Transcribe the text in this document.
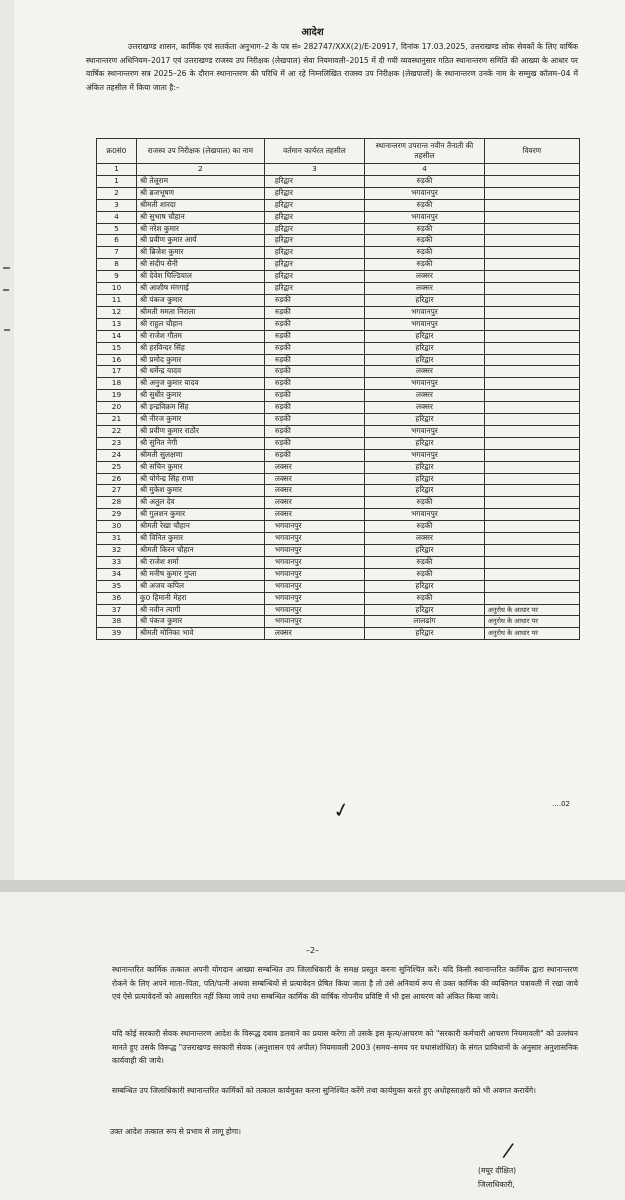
आदेश

उत्तराखण्ड शासन, कार्मिक एवं सतर्कता अनुभाग–2 के पत्र सं० 282747/XXX(2)/E-20917, दिनांक 17.03.2025, उत्तराखण्ड लोक सेवकों के लिए वार्षिक स्थानान्तरण अधिनियम–2017 एवं उत्तराखण्ड राजस्व उप निरीक्षक (लेखपाल) सेवा नियमावली–2015 में दी गयी व्यवस्थानुसार गठित स्थानान्तरण समिति की आख्या के आधार पर वार्षिक स्थानान्तरण सत्र 2025–26 के दौरान स्थानान्तरण की परिधि में आ रहे निम्नलिखित राजस्व उप निरीक्षक (लेखपालों) के स्थानान्तरण उनके नाम के सम्मुख कॉलम–04 में अंकित तहसील में किया जाता है:–

क्र0सं0	राजस्व उप निरीक्षक (लेखपाल) का नाम	वर्तमान कार्यरत तहसील	स्थानान्तरण उपरान्त नवीन तैनाती की तहसील	विवरण
1	2	3	4	
1	श्री तेलूराम	हरिद्वार	रुड़की	
2	श्री ब्रजभूषण	हरिद्वार	भगवानपुर	
3	श्रीमती शारदा	हरिद्वार	रुड़की	
4	श्री सुभाष चौहान	हरिद्वार	भगवानपुर	
5	श्री नरेश कुमार	हरिद्वार	रुड़की	
6	श्री प्रवीण कुमार आर्य	हरिद्वार	रुड़की	
7	श्री ब्रिजेश कुमार	हरिद्वार	रुड़की	
8	श्री संदीप सैनी	हरिद्वार	रुड़की	
9	श्री देवेश घिल्डियाल	हरिद्वार	लक्सर	
10	श्री आशीष मंगगाई	हरिद्वार	लक्सर	
11	श्री पंकज कुमार	रुड़की	हरिद्वार	
12	श्रीमती ममता निराला	रुड़की	भगवानपुर	
13	श्री राहुल चौहान	रुड़की	भगवानपुर	
14	श्री राजेश गौतम	रुड़की	हरिद्वार	
15	श्री हरविन्दर सिंह	रुड़की	हरिद्वार	
16	श्री प्रमोद कुमार	रुड़की	हरिद्वार	
17	श्री धर्मेन्द्र यादव	रुड़की	लक्सर	
18	श्री अनुज कुमार यादव	रुड़की	भगवानपुर	
19	श्री सुधीर कुमार	रुड़की	लक्सर	
20	श्री इन्द्रविक्रम सिंह	रुड़की	लक्सर	
21	श्री नीरज कुमार	रुड़की	हरिद्वार	
22	श्री प्रवीण कुमार राठौर	रुड़की	भगवानपुर	
23	श्री सुनित नेगी	रुड़की	हरिद्वार	
24	श्रीमती सुलक्षणा	रुड़की	भगवानपुर	
25	श्री सचिन कुमार	लक्सर	हरिद्वार	
26	श्री योगेन्द्र सिंह राणा	लक्सर	हरिद्वार	
27	श्री मुकेश कुमार	लक्सर	हरिद्वार	
28	श्री अतुल देव	लक्सर	रुड़की	
29	श्री गुलशन कुमार	लक्सर	भगवानपुर	
30	श्रीमती रेखा चौहान	भगवानपुर	रुड़की	
31	श्री विनित कुमार	भगवानपुर	लक्सर	
32	श्रीमती किरन चौहान	भगवानपुर	हरिद्वार	
33	श्री राजेश शर्मा	भगवानपुर	रुड़की	
34	श्री मनीष कुमार गुप्ता	भगवानपुर	रुड़की	
35	श्री अजय कपिल	भगवानपुर	हरिद्वार	
36	कु0 हिमानी मेहरा	भगवानपुर	रुड़की	
37	श्री नवीन त्यागी	भगवानपुर	हरिद्वार	अनुरोध के आधार पर
38	श्री पंकज कुमार	भगवानपुर	लालढांग	अनुरोध के आधार पर
39	श्रीमती मोनिका भावे	लक्सर	हरिद्वार	अनुरोध के आधार पर
✓	....02
–2–

स्थानान्तरित कार्मिक तत्काल अपनी योगदान आख्या सम्बन्धित उप जिलाधिकारी के समक्ष प्रस्तुत करना सुनिश्चित करें। यदि किसी स्थानान्तरित कार्मिक द्वारा स्थानान्तरण रोकने के लिए अपने माता–पिता, पति/पत्नी अथवा सम्बन्धियों से प्रत्यावेदन प्रेषित किया जाता है तो उसे अनिवार्य रूप से उक्त कार्मिक की व्यक्तिगत पत्रावली में रखा जाये एवं ऐसे प्रत्यावेदनों को अग्रसारित नहीं किया जाये तथा सम्बन्धित कार्मिक की वार्षिक गोपनीय प्रविष्टि में भी इस आचरण को अंकित किया जाये।

यदि कोई सरकारी सेवक स्थानान्तरण आदेश के विरूद्ध दबाव डलवाने का प्रयास करेगा तो उसके इस कृत्य/आचरण को "सरकारी कर्मचारी आचरण नियमावली" को उल्लंघन मानते हुए उसके विरूद्ध "उत्तराखण्ड सरकारी सेवक (अनुशासन एवं अपील) नियमावली 2003 (समय–समय पर यथासंशोधित) के संगत प्राविधानों के अनुसार अनुशासनिक कार्यवाही की जाये।

सम्बन्धित उप जिलाधिकारी स्थानान्तरित कार्मिकों को तत्काल कार्यमुक्त करना सुनिश्चित करेंगे तथा कार्यमुक्त करते हुए अधोहस्ताक्षरी को भी अवगत करायेंगे।

उक्त आदेश तत्काल रूप से प्रभाव से लागू होगा।
/
(मयूर दीक्षित)
जिलाधिकारी,
